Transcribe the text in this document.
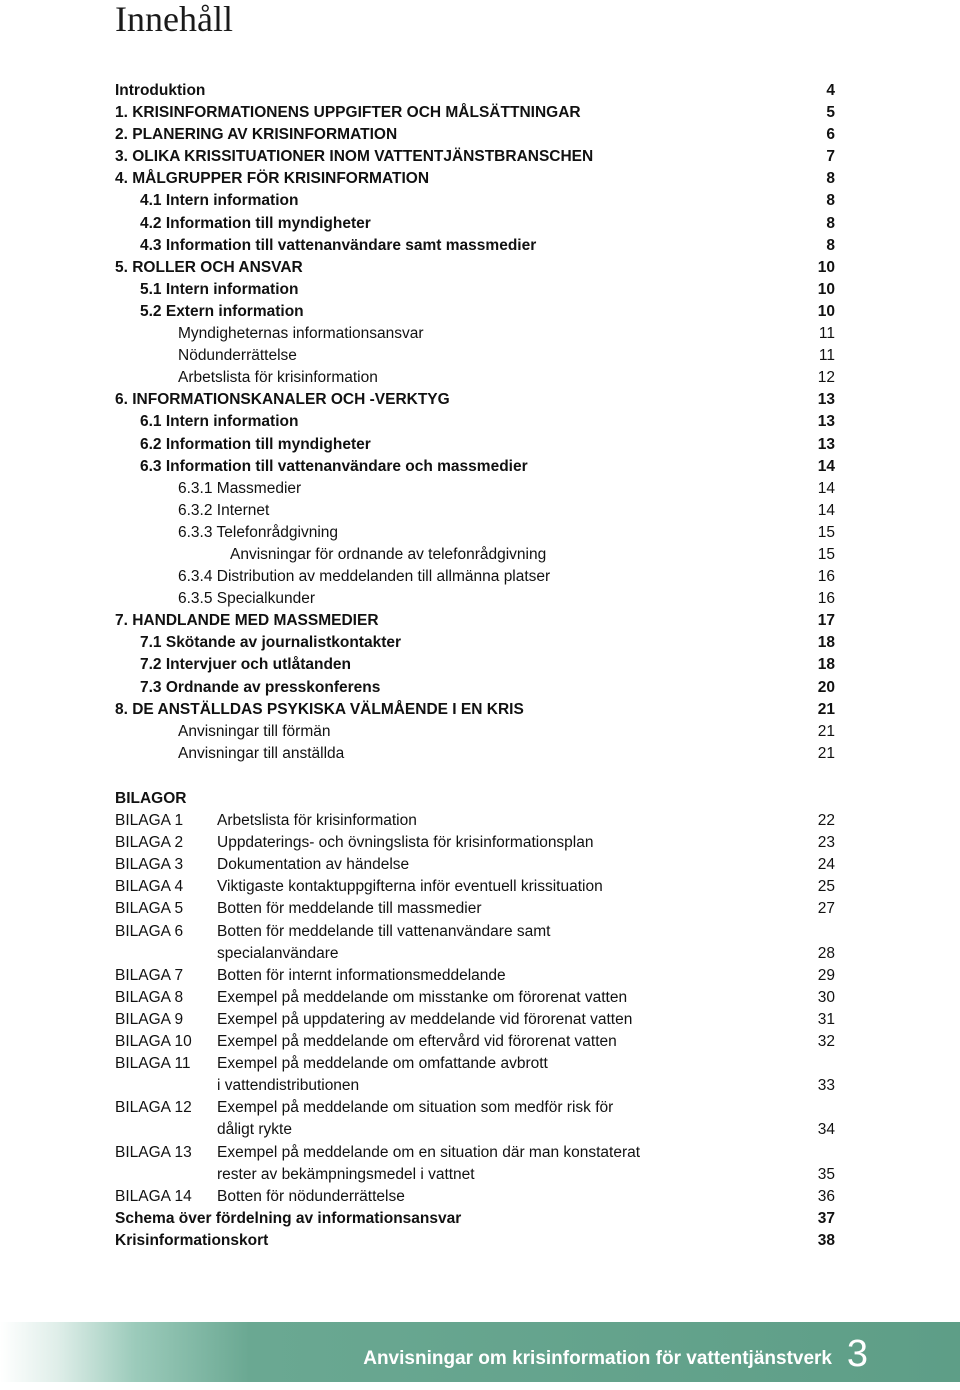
Innehåll
Introduktion	4
1. KRISINFORMATIONENS UPPGIFTER OCH MÅLSÄTTNINGAR	5
2. PLANERING AV KRISINFORMATION	6
3. OLIKA KRISSITUATIONER INOM VATTENTJÄNSTBRANSCHEN	7
4. MÅLGRUPPER FÖR KRISINFORMATION	8
4.1 Intern information	8
4.2 Information till myndigheter	8
4.3 Information till vattenanvändare samt massmedier	8
5. ROLLER OCH ANSVAR	10
5.1 Intern information	10
5.2 Extern information	10
Myndigheternas informationsansvar	11
Nödunderrättelse	11
Arbetslista för krisinformation	12
6. INFORMATIONSKANALER OCH -VERKTYG	13
6.1 Intern information	13
6.2 Information till myndigheter	13
6.3 Information till vattenanvändare och massmedier	14
6.3.1 Massmedier	14
6.3.2 Internet	14
6.3.3 Telefonrådgivning	15
Anvisningar för ordnande av telefonrådgivning	15
6.3.4 Distribution av meddelanden till allmänna platser	16
6.3.5 Specialkunder	16
7. HANDLANDE MED MASSMEDIER	17
7.1 Skötande av journalistkontakter	18
7.2 Intervjuer och utlåtanden	18
7.3 Ordnande av presskonferens	20
8. DE ANSTÄLLDAS PSYKISKA VÄLMÅENDE I EN KRIS	21
Anvisningar till förmän	21
Anvisningar till anställda	21
BILAGOR
BILAGA 1 Arbetslista för krisinformation	22
BILAGA 2 Uppdaterings- och övningslista för krisinformationsplan	23
BILAGA 3 Dokumentation av händelse	24
BILAGA 4 Viktigaste kontaktuppgifterna inför eventuell krissituation	25
BILAGA 5 Botten för meddelande till massmedier	27
BILAGA 6 Botten för meddelande till vattenanvändare samt
specialanvändare	28
BILAGA 7 Botten för internt informationsmeddelande	29
BILAGA 8 Exempel på meddelande om misstanke om förorenat vatten	30
BILAGA 9 Exempel på uppdatering av meddelande vid förorenat vatten	31
BILAGA 10 Exempel på meddelande om eftervård vid förorenat vatten	32
BILAGA 11 Exempel på meddelande om omfattande avbrott
i vattendistributionen	33
BILAGA 12 Exempel på meddelande om situation som medför risk för
dåligt rykte	34
BILAGA 13 Exempel på meddelande om en situation där man konstaterat
rester av bekämpningsmedel i vattnet	35
BILAGA 14 Botten för nödunderrättelse	36
Schema över fördelning av informationsansvar	37
Krisinformationskort	38
Anvisningar om krisinformation för vattentjänstverk 3
